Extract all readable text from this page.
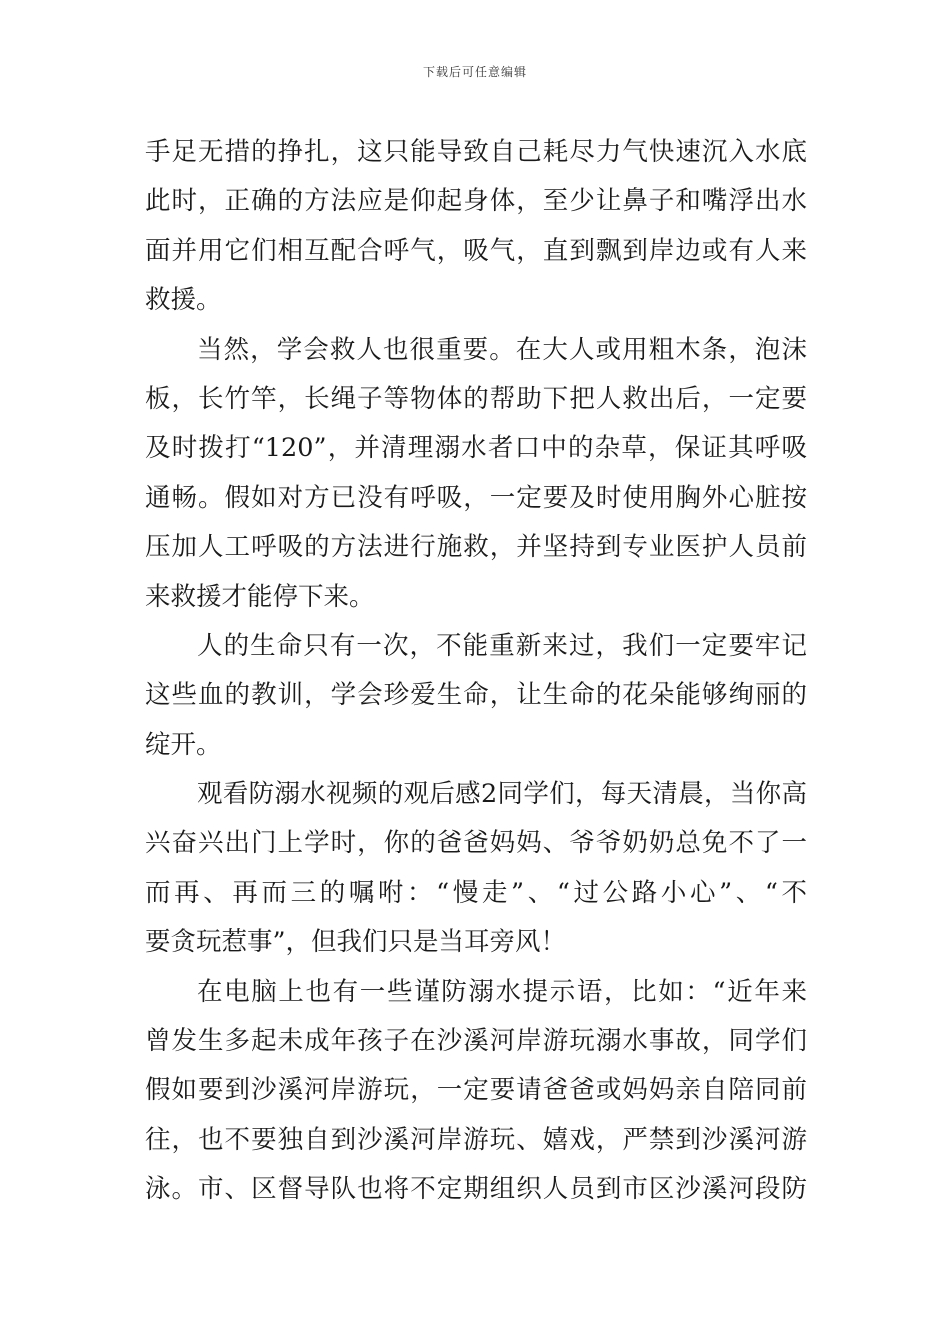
下载后可任意编辑
手足无措的挣扎，这只能导致自己耗尽力气快速沉入水底
此时，正确的方法应是仰起身体，至少让鼻子和嘴浮出水
面并用它们相互配合呼气，吸气，直到飘到岸边或有人来
救援。
当然，学会救人也很重要。在大人或用粗木条，泡沫
板，长竹竿，长绳子等物体的帮助下把人救出后，一定要
及时拨打“120”，并清理溺水者口中的杂草，保证其呼吸
通畅。假如对方已没有呼吸，一定要及时使用胸外心脏按
压加人工呼吸的方法进行施救，并坚持到专业医护人员前
来救援才能停下来。
人的生命只有一次，不能重新来过，我们一定要牢记
这些血的教训，学会珍爱生命，让生命的花朵能够绚丽的
绽开。
观看防溺水视频的观后感2同学们，每天清晨，当你高
兴奋兴出门上学时，你的爸爸妈妈、爷爷奶奶总免不了一
而再、再而三的嘱咐：“慢走”、“过公路小心”、“不
要贪玩惹事”，但我们只是当耳旁风！
在电脑上也有一些谨防溺水提示语，比如：“近年来
曾发生多起未成年孩子在沙溪河岸游玩溺水事故，同学们
假如要到沙溪河岸游玩，一定要请爸爸或妈妈亲自陪同前
往，也不要独自到沙溪河岸游玩、嬉戏，严禁到沙溪河游
泳。市、区督导队也将不定期组织人员到市区沙溪河段防
